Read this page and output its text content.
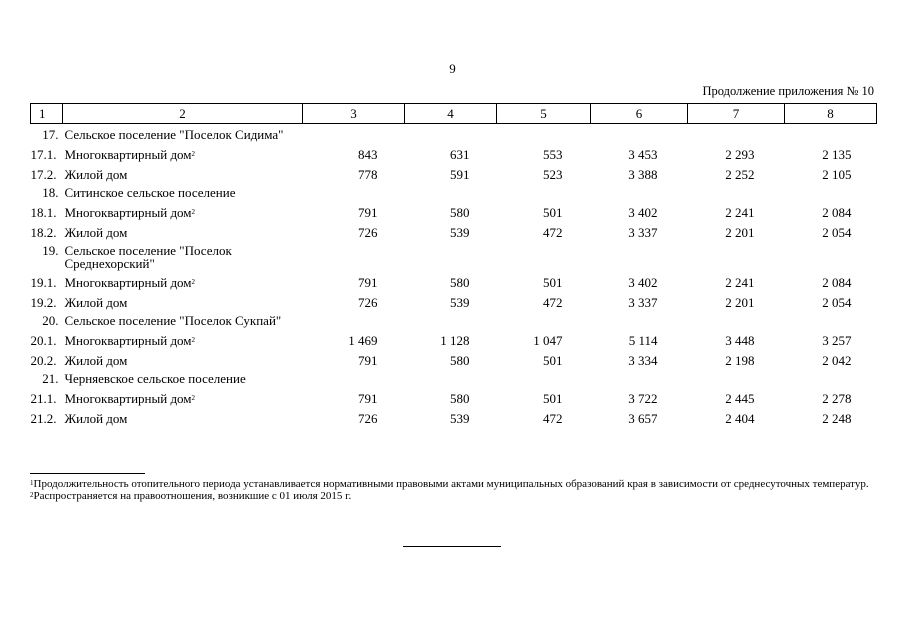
9
Продолжение приложения № 10
1	2	3	4	5	6	7	8
17.	Сельское поселение "Поселок Сидима"						
17.1.	Многоквартирный дом$^2$	843	631	553	3 453	2 293	2 135
17.2.	Жилой дом	778	591	523	3 388	2 252	2 105
18.	Ситинское сельское поселение						
18.1.	Многоквартирный дом$^2$	791	580	501	3 402	2 241	2 084
18.2.	Жилой дом	726	539	472	3 337	2 201	2 054
19.	Сельское поселение "Поселок Среднехорский"						
19.1.	Многоквартирный дом$^2$	791	580	501	3 402	2 241	2 084
19.2.	Жилой дом	726	539	472	3 337	2 201	2 054
20.	Сельское поселение "Поселок Сукпай"						
20.1.	Многоквартирный дом$^2$	1 469	1 128	1 047	5 114	3 448	3 257
20.2.	Жилой дом	791	580	501	3 334	2 198	2 042
21.	Черняевское сельское поселение						
21.1.	Многоквартирный дом$^2$	791	580	501	3 722	2 445	2 278
21.2.	Жилой дом	726	539	472	3 657	2 404	2 248

$^1$Продолжительность отопительного периода устанавливается нормативными правовыми актами муниципальных образований края в зависимости от среднесуточных температур.

$^2$Распространяется на правоотношения, возникшие с 01 июля 2015 г.
